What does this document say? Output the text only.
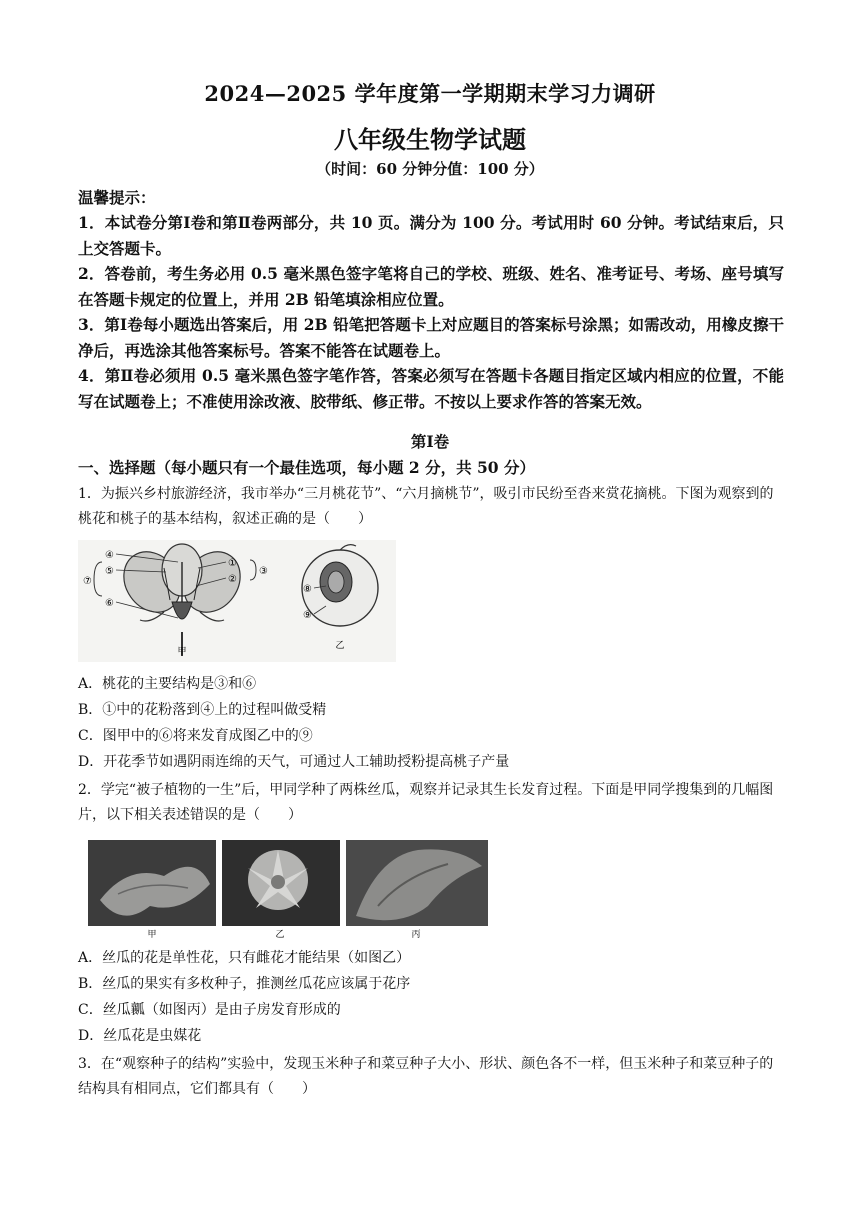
2024—2025 学年度第一学期期末学习力调研
八年级生物学试题
（时间：60 分钟分值：100 分）
温馨提示：

1．本试卷分第Ⅰ卷和第Ⅱ卷两部分，共 10 页。满分为 100 分。考试用时 60 分钟。考试结束后，只上交答题卡。

2．答卷前，考生务必用 0.5 毫米黑色签字笔将自己的学校、班级、姓名、准考证号、考场、座号填写在答题卡规定的位置上，并用 2B 铅笔填涂相应位置。

3．第Ⅰ卷每小题选出答案后，用 2B 铅笔把答题卡上对应题目的答案标号涂黑；如需改动，用橡皮擦干净后，再选涂其他答案标号。答案不能答在试题卷上。

4．第Ⅱ卷必须用 0.5 毫米黑色签字笔作答，答案必须写在答题卡各题目指定区域内相应的位置，不能写在试题卷上；不准使用涂改液、胶带纸、修正带。不按以上要求作答的答案无效。

第Ⅰ卷
一、选择题（每小题只有一个最佳选项，每小题 2 分，共 50 分）

1．为振兴乡村旅游经济，我市举办“三月桃花节”、“六月摘桃节”，吸引市民纷至沓来赏花摘桃。下图为观察到的桃花和桃子的基本结构，叙述正确的是（　　）

④
⑤
⑦
⑥
①
②
③
甲
⑧
⑨
乙
A．桃花的主要结构是③和⑥
B．①中的花粉落到④上的过程叫做受精
C．图甲中的⑥将来发育成图乙中的⑨
D．开花季节如遇阴雨连绵的天气，可通过人工辅助授粉提高桃子产量

2．学完“被子植物的一生”后，甲同学种了两株丝瓜，观察并记录其生长发育过程。下面是甲同学搜集到的几幅图片，以下相关表述错误的是（　　）

甲	乙	丙
A．丝瓜的花是单性花，只有雌花才能结果（如图乙）
B．丝瓜的果实有多枚种子，推测丝瓜花应该属于花序
C．丝瓜瓤（如图丙）是由子房发育形成的
D．丝瓜花是虫媒花

3．在“观察种子的结构”实验中，发现玉米种子和菜豆种子大小、形状、颜色各不一样，但玉米种子和菜豆种子的结构具有相同点，它们都具有（　　）
